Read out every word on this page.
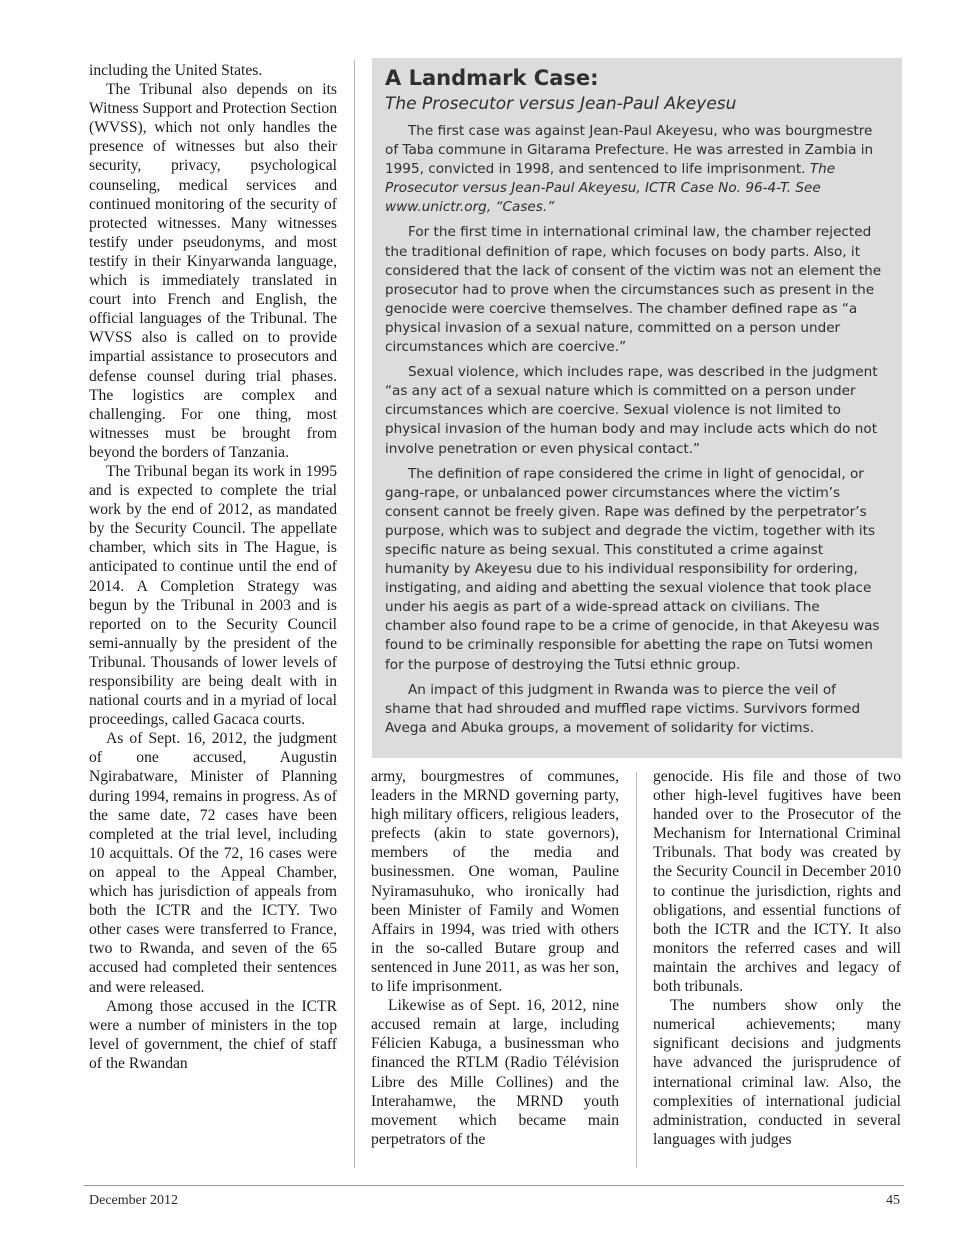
including the United States.

The Tribunal also depends on its Witness Support and Protection Section (WVSS), which not only handles the presence of witnesses but also their security, privacy, psychological counseling, medical services and continued monitoring of the security of protected witnesses. Many witnesses testify under pseudonyms, and most testify in their Kinyarwanda language, which is immediately translated in court into French and English, the official languages of the Tribunal. The WVSS also is called on to provide impartial assistance to prosecutors and defense counsel during trial phases. The logistics are complex and challenging. For one thing, most witnesses must be brought from beyond the borders of Tanzania.

The Tribunal began its work in 1995 and is expected to complete the trial work by the end of 2012, as mandated by the Security Council. The appellate chamber, which sits in The Hague, is anticipated to continue until the end of 2014. A Completion Strategy was begun by the Tribunal in 2003 and is reported on to the Security Council semi-annually by the president of the Tribunal. Thousands of lower levels of responsibility are being dealt with in national courts and in a myriad of local proceedings, called Gacaca courts.

As of Sept. 16, 2012, the judgment of one accused, Augustin Ngirabatware, Minister of Planning during 1994, remains in progress. As of the same date, 72 cases have been completed at the trial level, including 10 acquittals. Of the 72, 16 cases were on appeal to the Appeal Chamber, which has jurisdiction of appeals from both the ICTR and the ICTY. Two other cases were transferred to France, two to Rwanda, and seven of the 65 accused had completed their sentences and were released.

Among those accused in the ICTR were a number of ministers in the top level of government, the chief of staff of the Rwandan

A Landmark Case:
The Prosecutor versus Jean-Paul Akeyesu

The first case was against Jean-Paul Akeyesu, who was bourgmestre of Taba commune in Gitarama Prefecture. He was arrested in Zambia in 1995, convicted in 1998, and sentenced to life imprisonment. The Prosecutor versus Jean-Paul Akeyesu, ICTR Case No. 96-4-T. See www.unictr.org, “Cases.”

For the first time in international criminal law, the chamber rejected the traditional definition of rape, which focuses on body parts. Also, it considered that the lack of consent of the victim was not an element the prosecutor had to prove when the circumstances such as present in the genocide were coercive themselves. The chamber defined rape as “a physical invasion of a sexual nature, committed on a person under circumstances which are coercive.”

Sexual violence, which includes rape, was described in the judgment “as any act of a sexual nature which is committed on a person under circumstances which are coercive. Sexual violence is not limited to physical invasion of the human body and may include acts which do not involve penetration or even physical contact.”

The definition of rape considered the crime in light of genocidal, or gang-rape, or unbalanced power circumstances where the victim’s consent cannot be freely given. Rape was defined by the perpetrator’s purpose, which was to subject and degrade the victim, together with its specific nature as being sexual. This constituted a crime against humanity by Akeyesu due to his individual responsibility for ordering, instigating, and aiding and abetting the sexual violence that took place under his aegis as part of a wide-spread attack on civilians. The chamber also found rape to be a crime of genocide, in that Akeyesu was found to be criminally responsible for abetting the rape on Tutsi women for the purpose of destroying the Tutsi ethnic group.

An impact of this judgment in Rwanda was to pierce the veil of shame that had shrouded and muffled rape victims. Survivors formed Avega and Abuka groups, a movement of solidarity for victims.

army, bourgmestres of communes, leaders in the MRND governing party, high military officers, religious leaders, prefects (akin to state governors), members of the media and businessmen. One woman, Pauline Nyiramasuhuko, who ironically had been Minister of Family and Women Affairs in 1994, was tried with others in the so-called Butare group and sentenced in June 2011, as was her son, to life imprisonment.

Likewise as of Sept. 16, 2012, nine accused remain at large, including Félicien Kabuga, a businessman who financed the RTLM (Radio Télévision Libre des Mille Collines) and the Interahamwe, the MRND youth movement which became main perpetrators of the

genocide. His file and those of two other high-level fugitives have been handed over to the Prosecutor of the Mechanism for International Criminal Tribunals. That body was created by the Security Council in December 2010 to continue the jurisdiction, rights and obligations, and essential functions of both the ICTR and the ICTY. It also monitors the referred cases and will maintain the archives and legacy of both tribunals.

The numbers show only the numerical achievements; many significant decisions and judgments have advanced the jurisprudence of international criminal law. Also, the complexities of international judicial administration, conducted in several languages with judges

December 2012	45
